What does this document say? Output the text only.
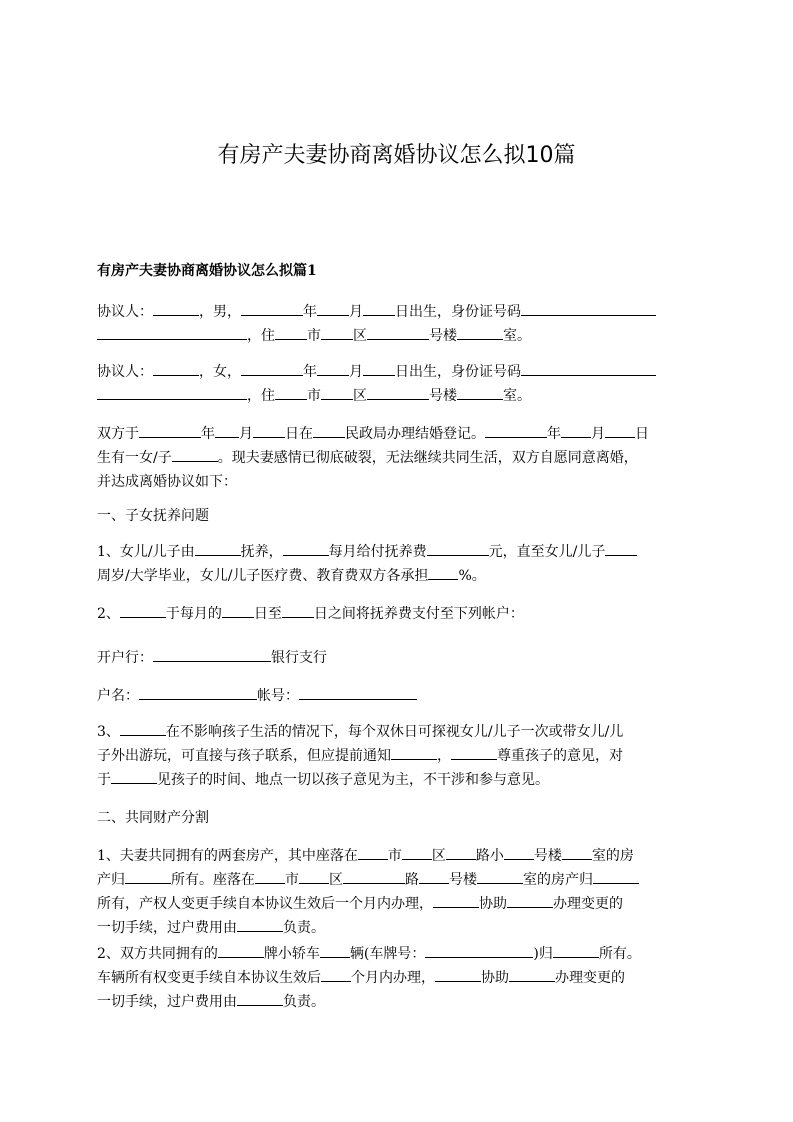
有房产夫妻协商离婚协议怎么拟10篇
有房产夫妻协商离婚协议怎么拟篇1
协议人：	，男，	年 月 日出生，身份证号码
，住 市 区	号楼	室。
协议人：	，女，	年 月 日出生，身份证号码
，住 市 区	号楼	室。
双方于	年 月 日在 民政局办理结婚登记。	年 月 日
生有一女/子	。现夫妻感情已彻底破裂，无法继续共同生活，双方自愿同意离婚，
并达成离婚协议如下：
一、子女抚养问题
1、女儿/儿子由	抚养，	每月给付抚养费	元，直至女儿/儿子
周岁/大学毕业，女儿/儿子医疗费、教育费双方各承担 %。
2、	于每月的 日至 日之间将抚养费支付至下列帐户：
开户行：	银行支行
户名：	帐号：
3、	在不影响孩子生活的情况下，每个双休日可探视女儿/儿子一次或带女儿/儿
子外出游玩，可直接与孩子联系，但应提前通知	，	尊重孩子的意见，对
于	见孩子的时间、地点一切以孩子意见为主，不干涉和参与意见。
二、共同财产分割
1、夫妻共同拥有的两套房产，其中座落在 市 区 路小 号楼 室的房
产归	所有。座落在 市 区	路 号楼	室的房产归
所有，产权人变更手续自本协议生效后一个月内办理，	协助	办理变更的
一切手续，过户费用由	负责。
2、双方共同拥有的	牌小轿车 辆(车牌号：	)归	所有。
车辆所有权变更手续自本协议生效后 个月内办理，	协助	办理变更的
一切手续，过户费用由	负责。
